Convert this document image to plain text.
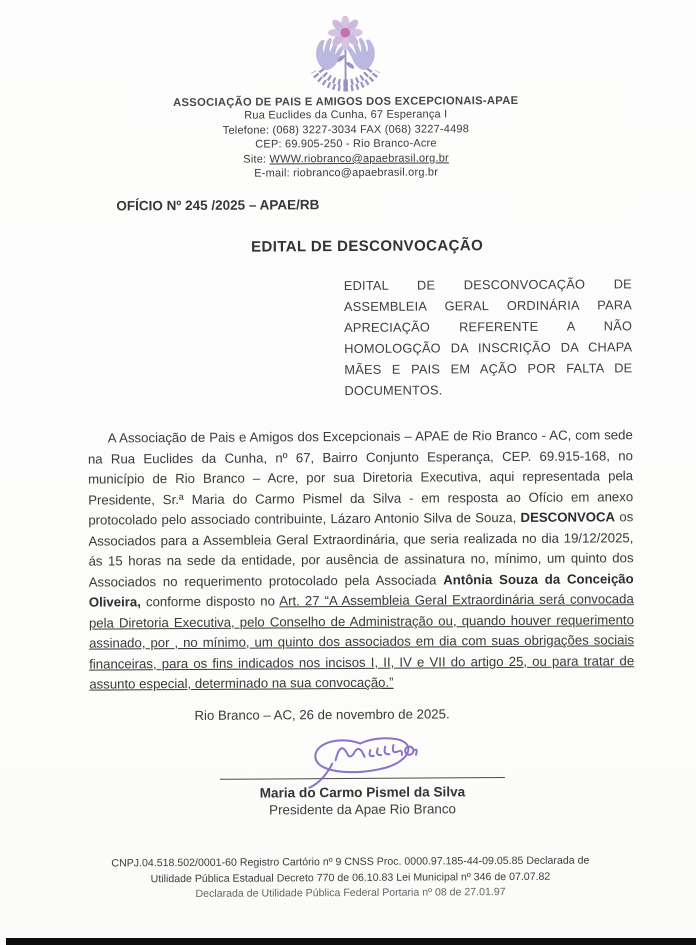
ASSOCIAÇÃO DE PAIS E AMIGOS DOS EXCEPCIONAIS-APAE
Rua Euclides da Cunha, 67 Esperança I
Telefone: (068) 3227-3034 FAX (068) 3227-4498
CEP: 69.905-250 - Rio Branco-Acre
Site: WWW.riobranco@apaebrasil.org.br
E-mail: riobranco@apaebrasil.org.br
OFÍCIO Nº 245 /2025 – APAE/RB
EDITAL DE DESCONVOCAÇÃO
EDITAL DE DESCONVOCAÇÃO DE ASSEMBLEIA GERAL ORDINÁRIA PARA APRECIAÇÃO REFERENTE A NÃO HOMOLOGÇÃO DA INSCRIÇÃO DA CHAPA MÃES E PAIS EM AÇÃO POR FALTA DE DOCUMENTOS.

A Associação de Pais e Amigos dos Excepcionais – APAE de Rio Branco - AC, com sede na Rua Euclides da Cunha, nº 67, Bairro Conjunto Esperança, CEP. 69.915-168, no município de Rio Branco – Acre, por sua Diretoria Executiva, aqui representada pela Presidente, Sr.ª Maria do Carmo Pismel da Silva - em resposta ao Ofício em anexo protocolado pelo associado contribuinte, Lázaro Antonio Silva de Souza, DESCONVOCA os Associados para a Assembleia Geral Extraordinária, que seria realizada no dia 19/12/2025, ás 15 horas na sede da entidade, por ausência de assinatura no, mínimo, um quinto dos Associados no requerimento protocolado pela Associada Antônia Souza da Conceição Oliveira, conforme disposto no Art. 27 “A Assembleia Geral Extraordinária será convocada pela Diretoria Executiva, pelo Conselho de Administração ou, quando houver requerimento assinado, por , no mínimo, um quinto dos associados em dia com suas obrigações sociais financeiras, para os fins indicados nos incisos I, II, IV e VII do artigo 25, ou para tratar de assunto especial, determinado na sua convocação.”

Rio Branco – AC, 26 de novembro de 2025.
Maria do Carmo Pismel da Silva
Presidente da Apae Rio Branco
CNPJ.04.518.502/0001-60 Registro Cartório nº 9 CNSS Proc. 0000.97.185-44-09.05.85 Declarada de
Utilidade Pública Estadual Decreto 770 de 06.10.83 Lei Municipal nº 346 de 07.07.82
Declarada de Utilidade Pública Federal Portaria nº 08 de 27.01.97
